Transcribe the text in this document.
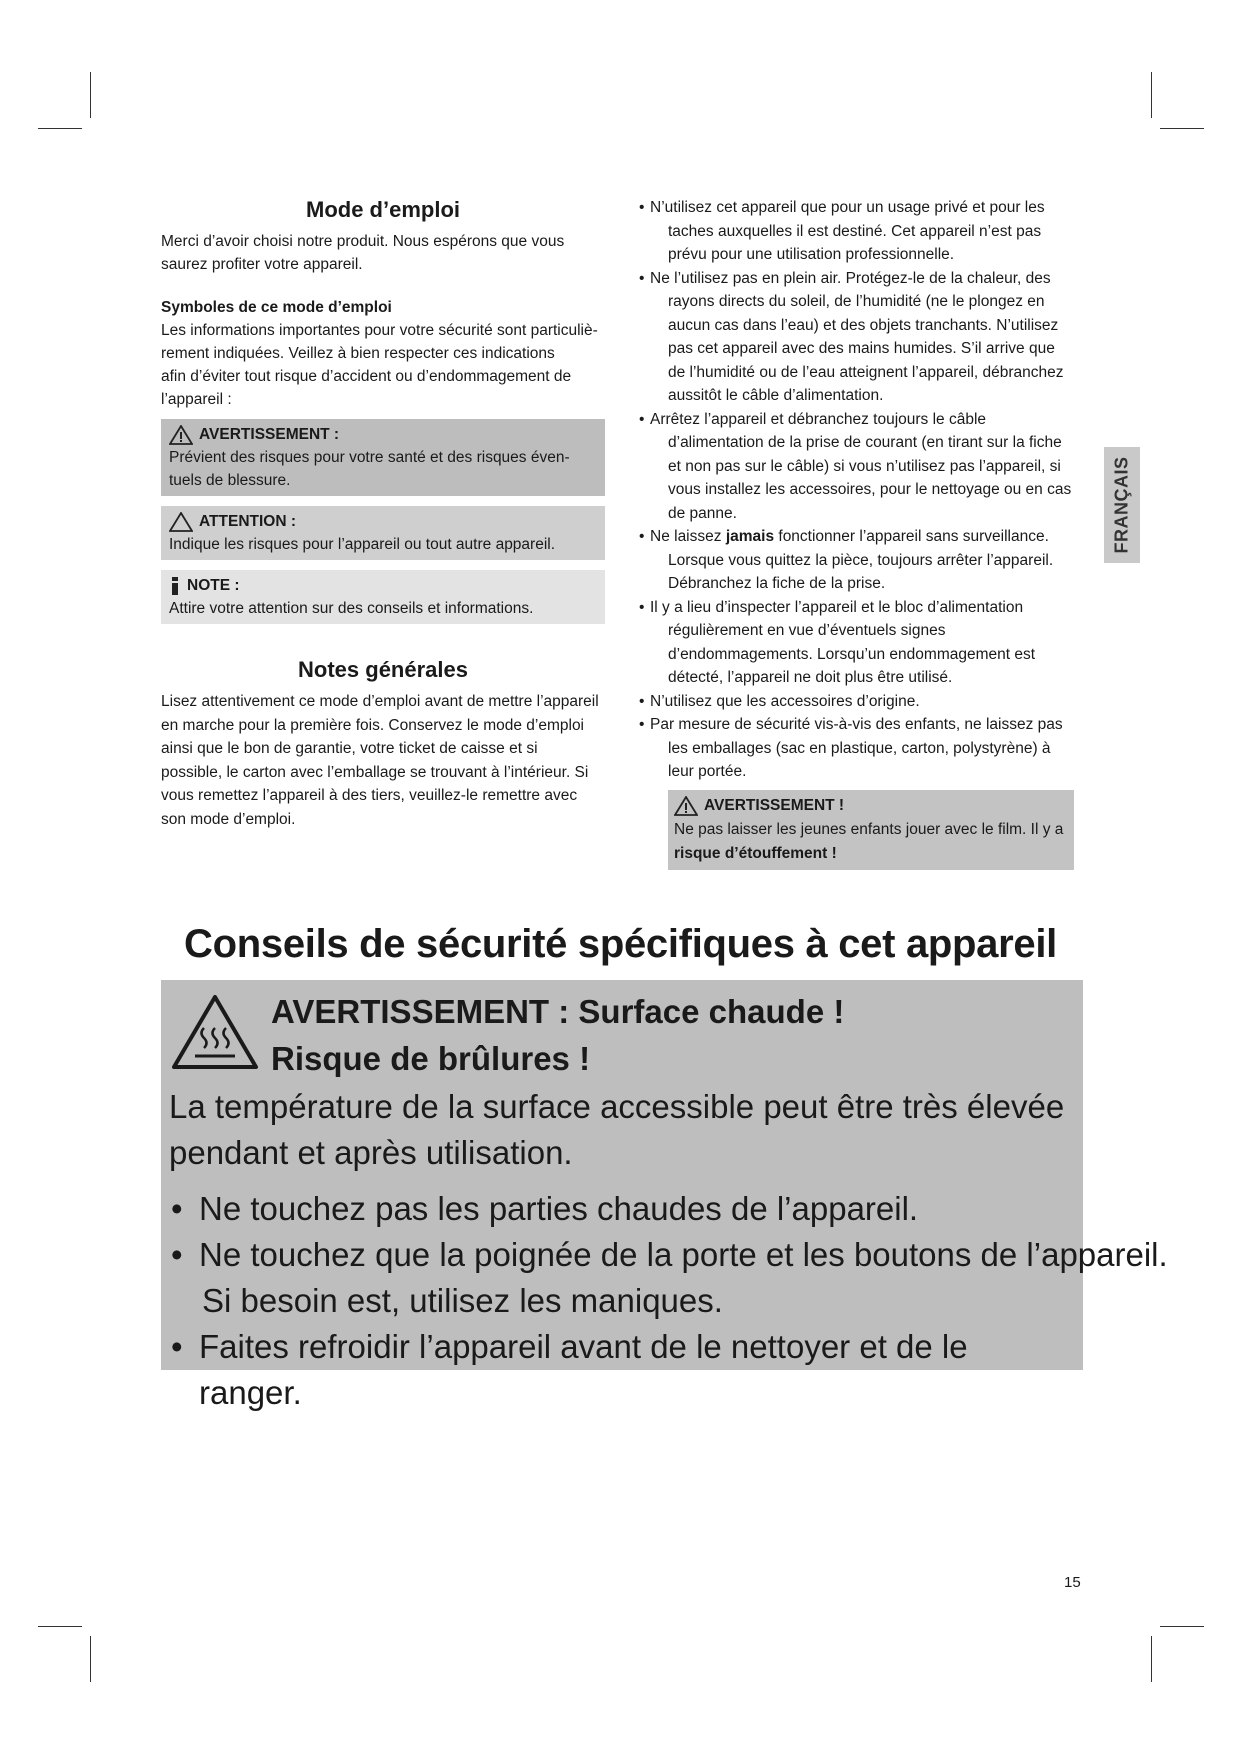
Mode d’emploi

Merci d’avoir choisi notre produit. Nous espérons que vous

saurez profiter votre appareil.

Symboles de ce mode d’emploi

Les informations importantes pour votre sécurité sont particuliè-

rement indiquées. Veillez à bien respecter ces indications

afin d’éviter tout risque d’accident ou d’endommagement de

l’appareil :

AVERTISSEMENT :

Prévient des risques pour votre santé et des risques éven-

tuels de blessure.

ATTENTION :

Indique les risques pour l’appareil ou tout autre appareil.

NOTE :

Attire votre attention sur des conseils et informations.

Notes générales

Lisez attentivement ce mode d’emploi avant de mettre l’appareil

en marche pour la première fois. Conservez le mode d’emploi

ainsi que le bon de garantie, votre ticket de caisse et si

possible, le carton avec l’emballage se trouvant à l’intérieur. Si

vous remettez l’appareil à des tiers, veuillez-le remettre avec

son mode d’emploi.

• N’utilisez cet appareil que pour un usage privé et pour les taches auxquelles il est destiné. Cet appareil n’est pas prévu pour une utilisation professionnelle.
• Ne l’utilisez pas en plein air. Protégez-le de la chaleur, des rayons directs du soleil, de l’humidité (ne le plongez en aucun cas dans l’eau) et des objets tranchants. N’utilisez pas cet appareil avec des mains humides. S’il arrive que de l’humidité ou de l’eau atteignent l’appareil, débranchez aussitôt le câble d’alimentation.
• Arrêtez l’appareil et débranchez toujours le câble d’alimentation de la prise de courant (en tirant sur la fiche et non pas sur le câble) si vous n’utilisez pas l’appareil, si vous installez les accessoires, pour le nettoyage ou en cas de panne.
• Ne laissez jamais fonctionner l’appareil sans surveillance. Lorsque vous quittez la pièce, toujours arrêter l’appareil. Débranchez la fiche de la prise.
• Il y a lieu d’inspecter l’appareil et le bloc d’alimentation régulièrement en vue d’éventuels signes d’endommagements. Lorsqu’un endommagement est détecté, l’appareil ne doit plus être utilisé.
• N’utilisez que les accessoires d’origine.
• Par mesure de sécurité vis-à-vis des enfants, ne laissez pas les emballages (sac en plastique, carton, polystyrène) à leur portée.
AVERTISSEMENT !

Ne pas laisser les jeunes enfants jouer avec le film. Il y a

risque d’étouffement !

FRANÇAIS
Conseils de sécurité spécifiques à cet appareil
AVERTISSEMENT : Surface chaude !
Risque de brûlures !
La température de la surface accessible peut être très élevée
pendant et après utilisation.
• Ne touchez pas les parties chaudes de l’appareil.
• Ne touchez que la poignée de la porte et les boutons de l’appareil.
Si besoin est, utilisez les maniques.
• Faites refroidir l’appareil avant de le nettoyer et de le ranger.
15
